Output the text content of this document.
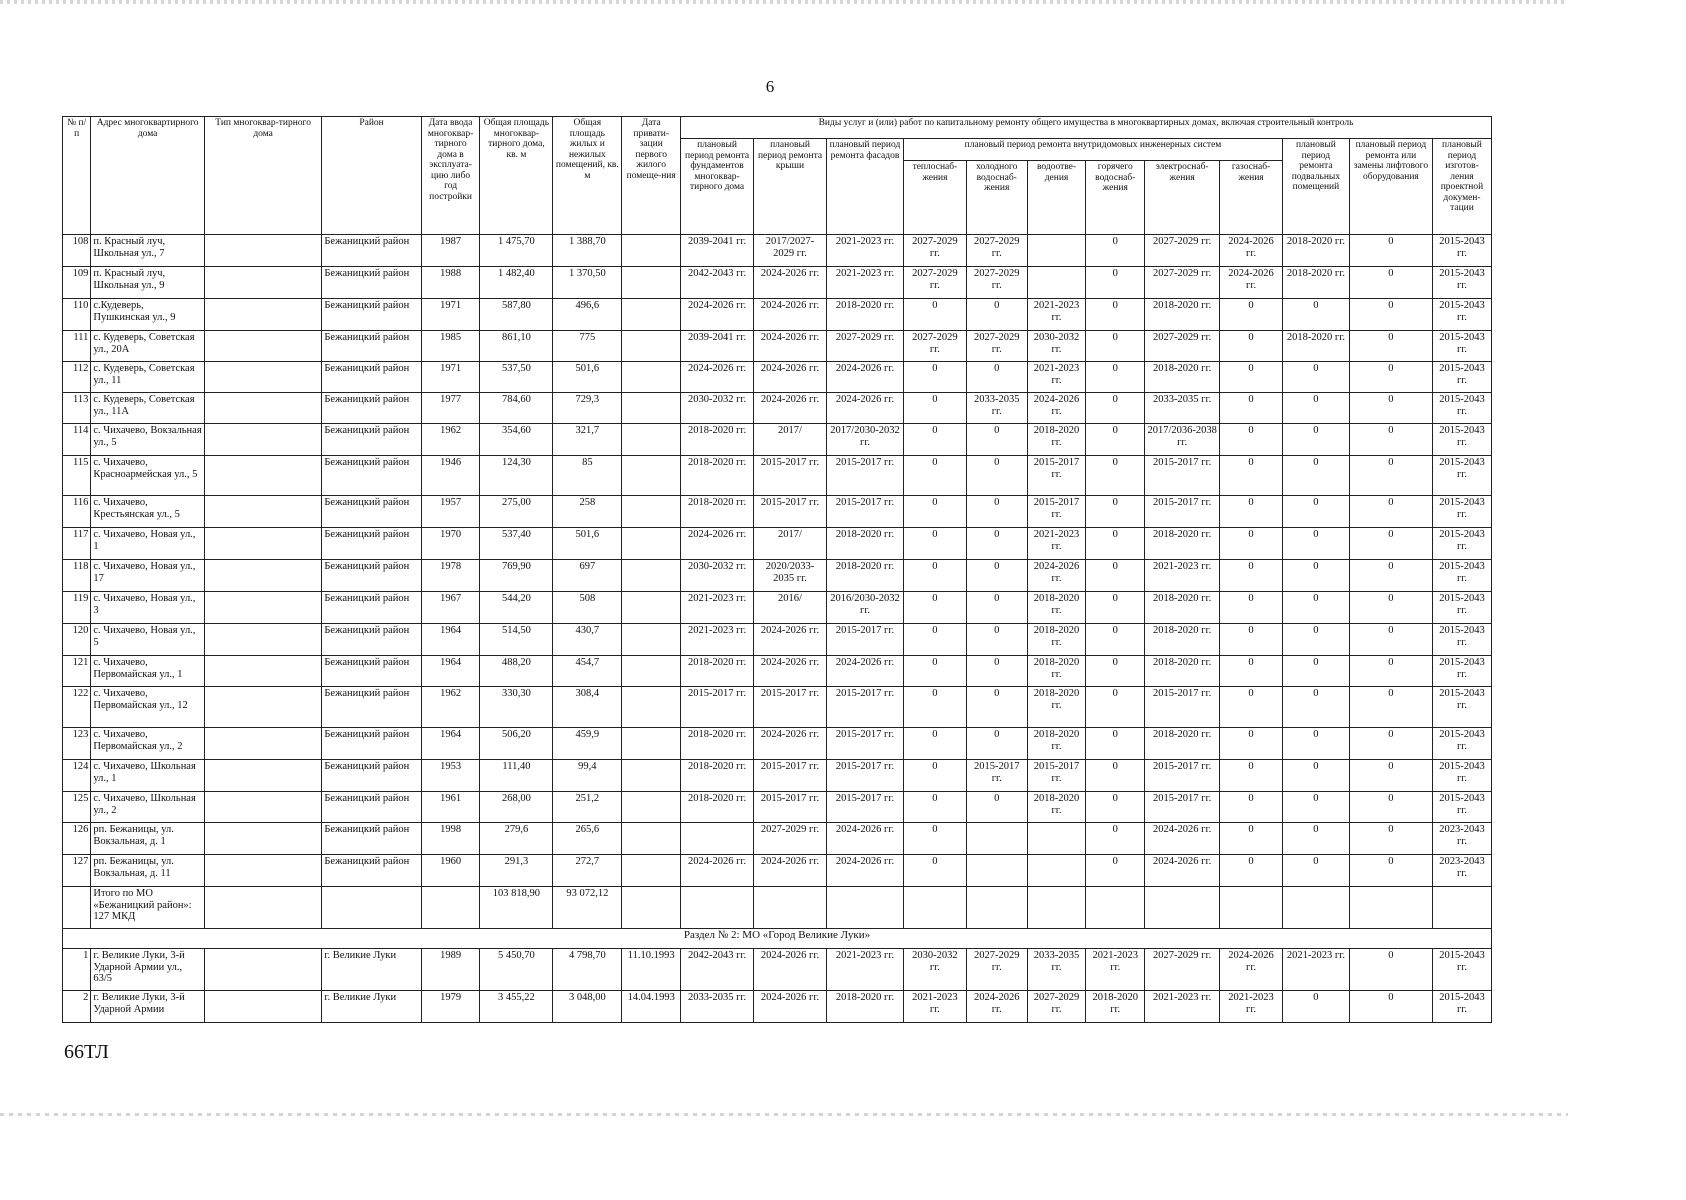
6
№ п/п	Адрес многоквартирного дома	Тип многоквар-тирного дома	Район	Дата ввода многоквар-тирного дома в эксплуата-цию либо год постройки	Общая площадь многоквар-тирного дома, кв. м	Общая площадь жилых и нежилых помещений, кв. м	Дата привати-зации первого жилого помеще-ния	Виды услуг и (или) работ по капитальному ремонту общего имущества в многоквартирных домах, включая строительный контроль											
								плановый период ремонта фундаментов многоквар-тирного дома	плановый период ремонта крыши	плановый период ремонта фасадов	плановый период ремонта внутридомовых инженерных систем						плановый период ремонта подвальных помещений	плановый период ремонта или замены лифтового оборудования	плановый период изготов-ления проектной докумен-тации
											теплоснаб-жения	холодного водоснаб-жения	водоотве-дения	горячего водоснаб-жения	электроснаб-жения	газоснаб-жения			
108	п. Красный луч, Школьная ул., 7		Бежаницкий район	1987	1 475,70	1 388,70		2039-2041 гг.	2017/2027-2029 гг.	2021-2023 гг.	2027-2029 гг.	2027-2029 гг.		0	2027-2029 гг.	2024-2026 гг.	2018-2020 гг.	0	2015-2043 гг.
109	п. Красный луч, Школьная ул., 9		Бежаницкий район	1988	1 482,40	1 370,50		2042-2043 гг.	2024-2026 гг.	2021-2023 гг.	2027-2029 гг.	2027-2029 гг.		0	2027-2029 гг.	2024-2026 гг.	2018-2020 гг.	0	2015-2043 гг.
110	с.Кудеверь, Пушкинская ул., 9		Бежаницкий район	1971	587,80	496,6		2024-2026 гг.	2024-2026 гг.	2018-2020 гг.	0	0	2021-2023 гг.	0	2018-2020 гг.	0	0	0	2015-2043 гг.
111	с. Кудеверь, Советская ул., 20А		Бежаницкий район	1985	861,10	775		2039-2041 гг.	2024-2026 гг.	2027-2029 гг.	2027-2029 гг.	2027-2029 гг.	2030-2032 гг.	0	2027-2029 гг.	0	2018-2020 гг.	0	2015-2043 гг.
112	с. Кудеверь, Советская ул., 11		Бежаницкий район	1971	537,50	501,6		2024-2026 гг.	2024-2026 гг.	2024-2026 гг.	0	0	2021-2023 гг.	0	2018-2020 гг.	0	0	0	2015-2043 гг.
113	с. Кудеверь, Советская ул., 11А		Бежаницкий район	1977	784,60	729,3		2030-2032 гг.	2024-2026 гг.	2024-2026 гг.	0	2033-2035 гг.	2024-2026 гг.	0	2033-2035 гг.	0	0	0	2015-2043 гг.
114	с. Чихачево, Вокзальная ул., 5		Бежаницкий район	1962	354,60	321,7		2018-2020 гг.	2017/	2017/2030-2032 гг.	0	0	2018-2020 гг.	0	2017/2036-2038 гг.	0	0	0	2015-2043 гг.
115	с. Чихачево, Красноармейская ул., 5		Бежаницкий район	1946	124,30	85		2018-2020 гг.	2015-2017 гг.	2015-2017 гг.	0	0	2015-2017 гг.	0	2015-2017 гг.	0	0	0	2015-2043 гг.
116	с. Чихачево, Крестьянская ул., 5		Бежаницкий район	1957	275,00	258		2018-2020 гг.	2015-2017 гг.	2015-2017 гг.	0	0	2015-2017 гг.	0	2015-2017 гг.	0	0	0	2015-2043 гг.
117	с. Чихачево, Новая ул., 1		Бежаницкий район	1970	537,40	501,6		2024-2026 гг.	2017/	2018-2020 гг.	0	0	2021-2023 гг.	0	2018-2020 гг.	0	0	0	2015-2043 гг.
118	с. Чихачево, Новая ул., 17		Бежаницкий район	1978	769,90	697		2030-2032 гг.	2020/2033-2035 гг.	2018-2020 гг.	0	0	2024-2026 гг.	0	2021-2023 гг.	0	0	0	2015-2043 гг.
119	с. Чихачево, Новая ул., 3		Бежаницкий район	1967	544,20	508		2021-2023 гг.	2016/	2016/2030-2032 гг.	0	0	2018-2020 гг.	0	2018-2020 гг.	0	0	0	2015-2043 гг.
120	с. Чихачево, Новая ул., 5		Бежаницкий район	1964	514,50	430,7		2021-2023 гг.	2024-2026 гг.	2015-2017 гг.	0	0	2018-2020 гг.	0	2018-2020 гг.	0	0	0	2015-2043 гг.
121	с. Чихачево, Первомайская ул., 1		Бежаницкий район	1964	488,20	454,7		2018-2020 гг.	2024-2026 гг.	2024-2026 гг.	0	0	2018-2020 гг.	0	2018-2020 гг.	0	0	0	2015-2043 гг.
122	с. Чихачево, Первомайская ул., 12		Бежаницкий район	1962	330,30	308,4		2015-2017 гг.	2015-2017 гг.	2015-2017 гг.	0	0	2018-2020 гг.	0	2015-2017 гг.	0	0	0	2015-2043 гг.
123	с. Чихачево, Первомайская ул., 2		Бежаницкий район	1964	506,20	459,9		2018-2020 гг.	2024-2026 гг.	2015-2017 гг.	0	0	2018-2020 гг.	0	2018-2020 гг.	0	0	0	2015-2043 гг.
124	с. Чихачево, Школьная ул., 1		Бежаницкий район	1953	111,40	99,4		2018-2020 гг.	2015-2017 гг.	2015-2017 гг.	0	2015-2017 гг.	2015-2017 гг.	0	2015-2017 гг.	0	0	0	2015-2043 гг.
125	с. Чихачево, Школьная ул., 2		Бежаницкий район	1961	268,00	251,2		2018-2020 гг.	2015-2017 гг.	2015-2017 гг.	0	0	2018-2020 гг.	0	2015-2017 гг.	0	0	0	2015-2043 гг.
126	рп. Бежаницы, ул. Вокзальная, д. 1		Бежаницкий район	1998	279,6	265,6			2027-2029 гг.	2024-2026 гг.	0			0	2024-2026 гг.	0	0	0	2023-2043 гг.
127	рп. Бежаницы, ул. Вокзальная, д. 11		Бежаницкий район	1960	291,3	272,7		2024-2026 гг.	2024-2026 гг.	2024-2026 гг.	0			0	2024-2026 гг.	0	0	0	2023-2043 гг.
	Итого по МО «Бежаницкий район»: 127 МКД				103 818,90	93 072,12													
Раздел № 2: МО «Город Великие Луки»																			
1	г. Великие Луки, 3-й Ударной Армии ул., 63/5		г. Великие Луки	1989	5 450,70	4 798,70	11.10.1993	2042-2043 гг.	2024-2026 гг.	2021-2023 гг.	2030-2032 гг.	2027-2029 гг.	2033-2035 гг.	2021-2023 гг.	2027-2029 гг.	2024-2026 гг.	2021-2023 гг.	0	2015-2043 гг.
2	г. Великие Луки, 3-й Ударной Армии		г. Великие Луки	1979	3 455,22	3 048,00	14.04.1993	2033-2035 гг.	2024-2026 гг.	2018-2020 гг.	2021-2023 гг.	2024-2026 гг.	2027-2029 гг.	2018-2020 гг.	2021-2023 гг.	2021-2023 гг.	0	0	2015-2043 гг.
66ТЛ
